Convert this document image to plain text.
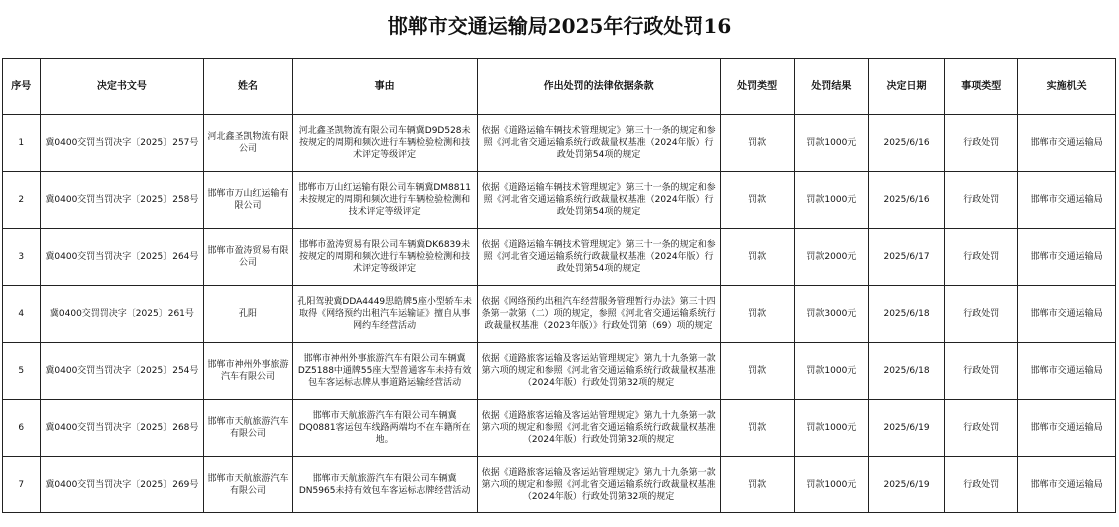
邯郸市交通运输局2025年行政处罚16
序号	决定书文号	姓名	事由	作出处罚的法律依据条款	处罚类型	处罚结果	决定日期	事项类型	实施机关
1	冀0400交罚当罚决字〔2025〕257号	河北鑫圣凯物流有限公司	河北鑫圣凯物流有限公司车辆冀D9D528未按规定的周期和频次进行车辆检验检测和技术评定等级评定	依据《道路运输车辆技术管理规定》第三十一条的规定和参照《河北省交通运输系统行政裁量权基准（2024年版）行政处罚第54项的规定	罚款	罚款1000元	2025/6/16	行政处罚	邯郸市交通运输局
2	冀0400交罚当罚决字〔2025〕258号	邯郸市万山红运输有限公司	邯郸市万山红运输有限公司车辆冀DM8811未按规定的周期和频次进行车辆检验检测和技术评定等级评定	依据《道路运输车辆技术管理规定》第三十一条的规定和参照《河北省交通运输系统行政裁量权基准（2024年版）行政处罚第54项的规定	罚款	罚款1000元	2025/6/16	行政处罚	邯郸市交通运输局
3	冀0400交罚当罚决字〔2025〕264号	邯郸市盈涛贸易有限公司	邯郸市盈涛贸易有限公司车辆冀DK6839未按规定的周期和频次进行车辆检验检测和技术评定等级评定	依据《道路运输车辆技术管理规定》第三十一条的规定和参照《河北省交通运输系统行政裁量权基准（2024年版）行政处罚第54项的规定	罚款	罚款2000元	2025/6/17	行政处罚	邯郸市交通运输局
4	冀0400交罚罚决字〔2025〕261号	孔阳	孔阳驾驶冀DDA4449思皓牌5座小型轿车未取得《网络预约出租汽车运输证》擅自从事网约车经营活动	依据《网络预约出租汽车经营服务管理暂行办法》第三十四条第一款第（二）项的规定，参照《河北省交通运输系统行政裁量权基准（2023年版）》行政处罚第（69）项的规定	罚款	罚款3000元	2025/6/18	行政处罚	邯郸市交通运输局
5	冀0400交罚当罚决字〔2025〕254号	邯郸市神州外事旅游汽车有限公司	邯郸市神州外事旅游汽车有限公司车辆冀DZ5188中通牌55座大型普通客车未持有效包车客运标志牌从事道路运输经营活动	依据《道路旅客运输及客运站管理规定》第九十九条第一款第六项的规定和参照《河北省交通运输系统行政裁量权基准（2024年版）行政处罚第32项的规定	罚款	罚款1000元	2025/6/18	行政处罚	邯郸市交通运输局
6	冀0400交罚当罚决字〔2025〕268号	邯郸市天航旅游汽车有限公司	邯郸市天航旅游汽车有限公司车辆冀DQ0881客运包车线路两端均不在车籍所在地。	依据《道路旅客运输及客运站管理规定》第九十九条第一款第六项的规定和参照《河北省交通运输系统行政裁量权基准（2024年版）行政处罚第32项的规定	罚款	罚款1000元	2025/6/19	行政处罚	邯郸市交通运输局
7	冀0400交罚当罚决字〔2025〕269号	邯郸市天航旅游汽车有限公司	邯郸市天航旅游汽车有限公司车辆冀DN5965未持有效包车客运标志牌经营活动	依据《道路旅客运输及客运站管理规定》第九十九条第一款第六项的规定和参照《河北省交通运输系统行政裁量权基准（2024年版）行政处罚第32项的规定	罚款	罚款1000元	2025/6/19	行政处罚	邯郸市交通运输局
